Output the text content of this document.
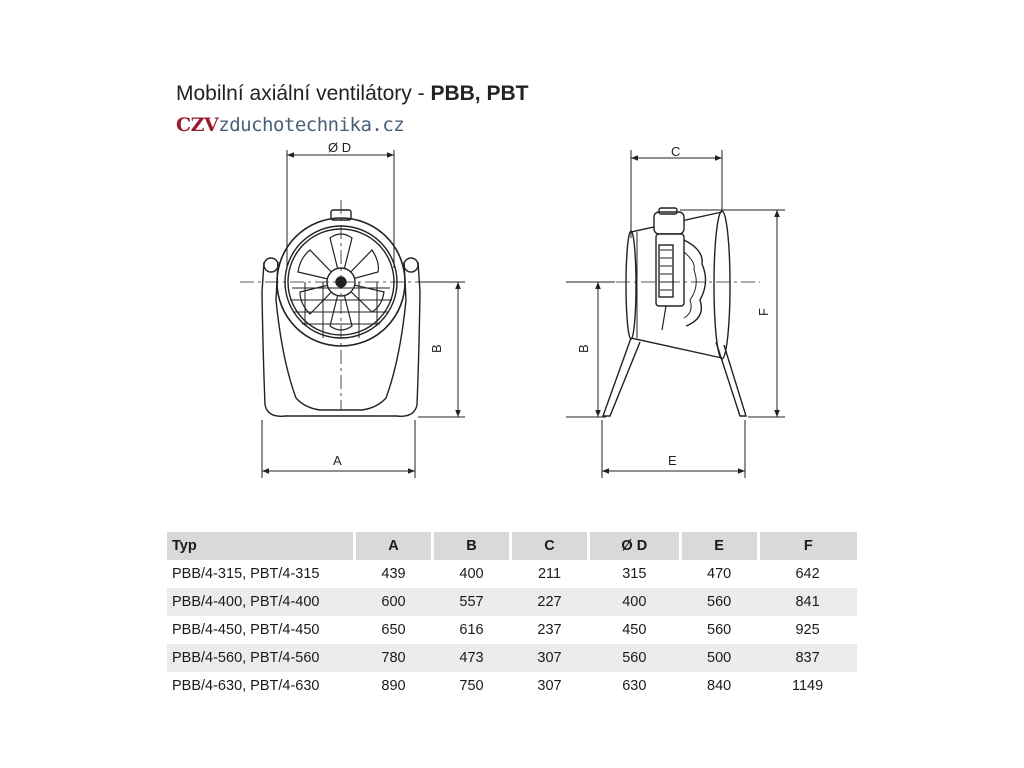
Mobilní axiální ventilátory - PBB, PBT
CZVzduchotechnika.cz
Ø D
A
B
C
B
E
F
Typ	A	B	C	Ø D	E	F
PBB/4-315, PBT/4-315	439	400	211	315	470	642
PBB/4-400, PBT/4-400	600	557	227	400	560	841
PBB/4-450, PBT/4-450	650	616	237	450	560	925
PBB/4-560, PBT/4-560	780	473	307	560	500	837
PBB/4-630, PBT/4-630	890	750	307	630	840	1149
